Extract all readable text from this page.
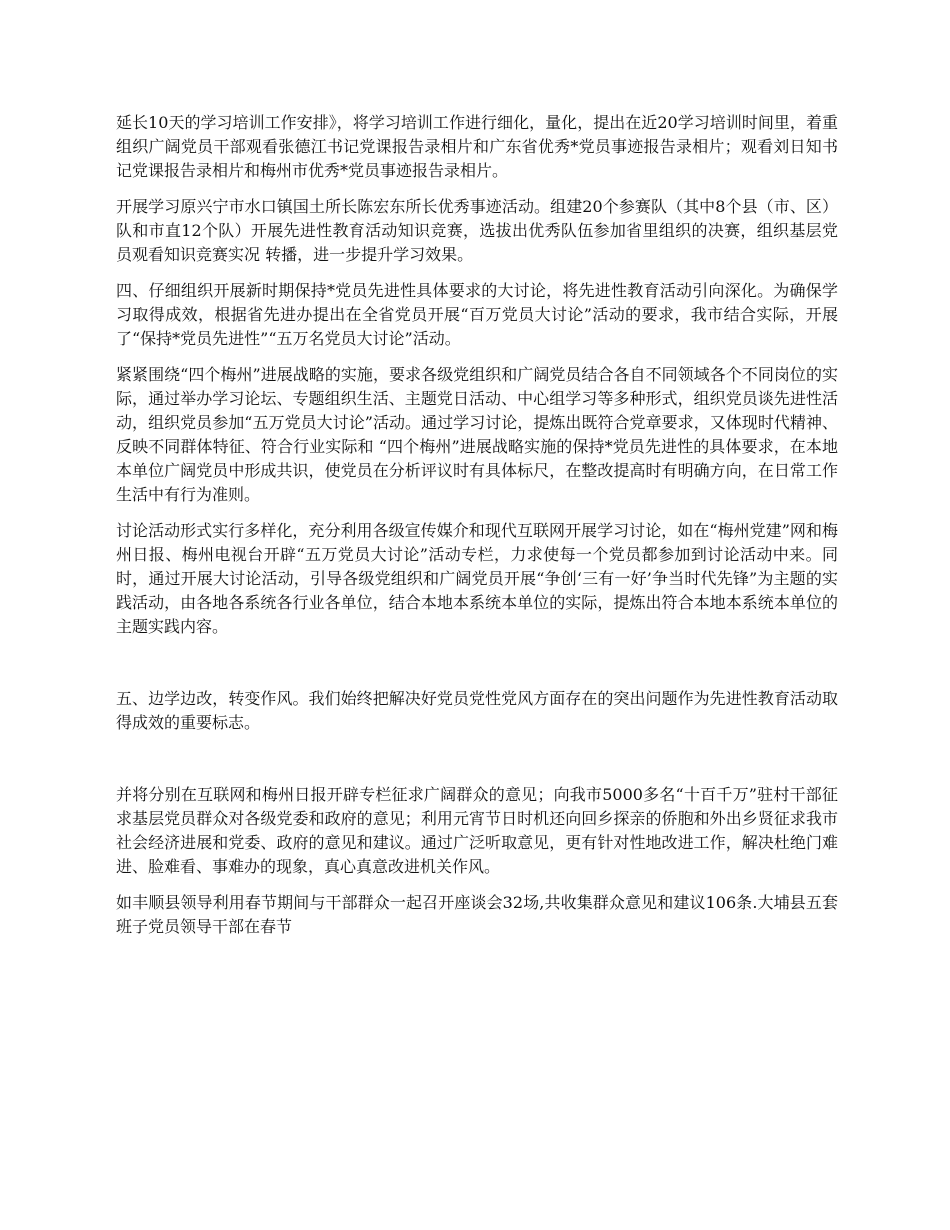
延长10天的学习培训工作安排》，将学习培训工作进行细化，量化，提出在近20学习培训时间里，着重组织广阔党员干部观看张德江书记党课报告录相片和广东省优秀*党员事迹报告录相片；观看刘日知书记党课报告录相片和梅州市优秀*党员事迹报告录相片。

开展学习原兴宁市水口镇国土所长陈宏东所长优秀事迹活动。组建20个参赛队（其中8个县（市、区）队和市直12个队）开展先进性教育活动知识竞赛，选拔出优秀队伍参加省里组织的决赛，组织基层党员观看知识竞赛实况 转播，进一步提升学习效果。

四、仔细组织开展新时期保持*党员先进性具体要求的大讨论，将先进性教育活动引向深化。为确保学习取得成效，根据省先进办提出在全省党员开展“百万党员大讨论”活动的要求，我市结合实际，开展了“保持*党员先进性”“五万名党员大讨论”活动。

紧紧围绕“四个梅州”进展战略的实施，要求各级党组织和广阔党员结合各自不同领域各个不同岗位的实际，通过举办学习论坛、专题组织生活、主题党日活动、中心组学习等多种形式，组织党员谈先进性活动，组织党员参加“五万党员大讨论”活动。通过学习讨论，提炼出既符合党章要求，又体现时代精神、反映不同群体特征、符合行业实际和 “四个梅州”进展战略实施的保持*党员先进性的具体要求，在本地本单位广阔党员中形成共识，使党员在分析评议时有具体标尺，在整改提高时有明确方向，在日常工作生活中有行为准则。

讨论活动形式实行多样化，充分利用各级宣传媒介和现代互联网开展学习讨论，如在“梅州党建”网和梅州日报、梅州电视台开辟“五万党员大讨论”活动专栏，力求使每一个党员都参加到讨论活动中来。同时，通过开展大讨论活动，引导各级党组织和广阔党员开展“争创‘三有一好’争当时代先锋”为主题的实践活动，由各地各系统各行业各单位，结合本地本系统本单位的实际，提炼出符合本地本系统本单位的主题实践内容。

五、边学边改，转变作风。我们始终把解决好党员党性党风方面存在的突出问题作为先进性教育活动取得成效的重要标志。

并将分别在互联网和梅州日报开辟专栏征求广阔群众的意见；向我市5000多名“十百千万”驻村干部征求基层党员群众对各级党委和政府的意见；利用元宵节日时机还向回乡探亲的侨胞和外出乡贤征求我市社会经济进展和党委、政府的意见和建议。通过广泛听取意见，更有针对性地改进工作，解决杜绝门难进、脸难看、事难办的现象，真心真意改进机关作风。

如丰顺县领导利用春节期间与干部群众一起召开座谈会32场,共收集群众意见和建议106条.大埔县五套班子党员领导干部在春节
